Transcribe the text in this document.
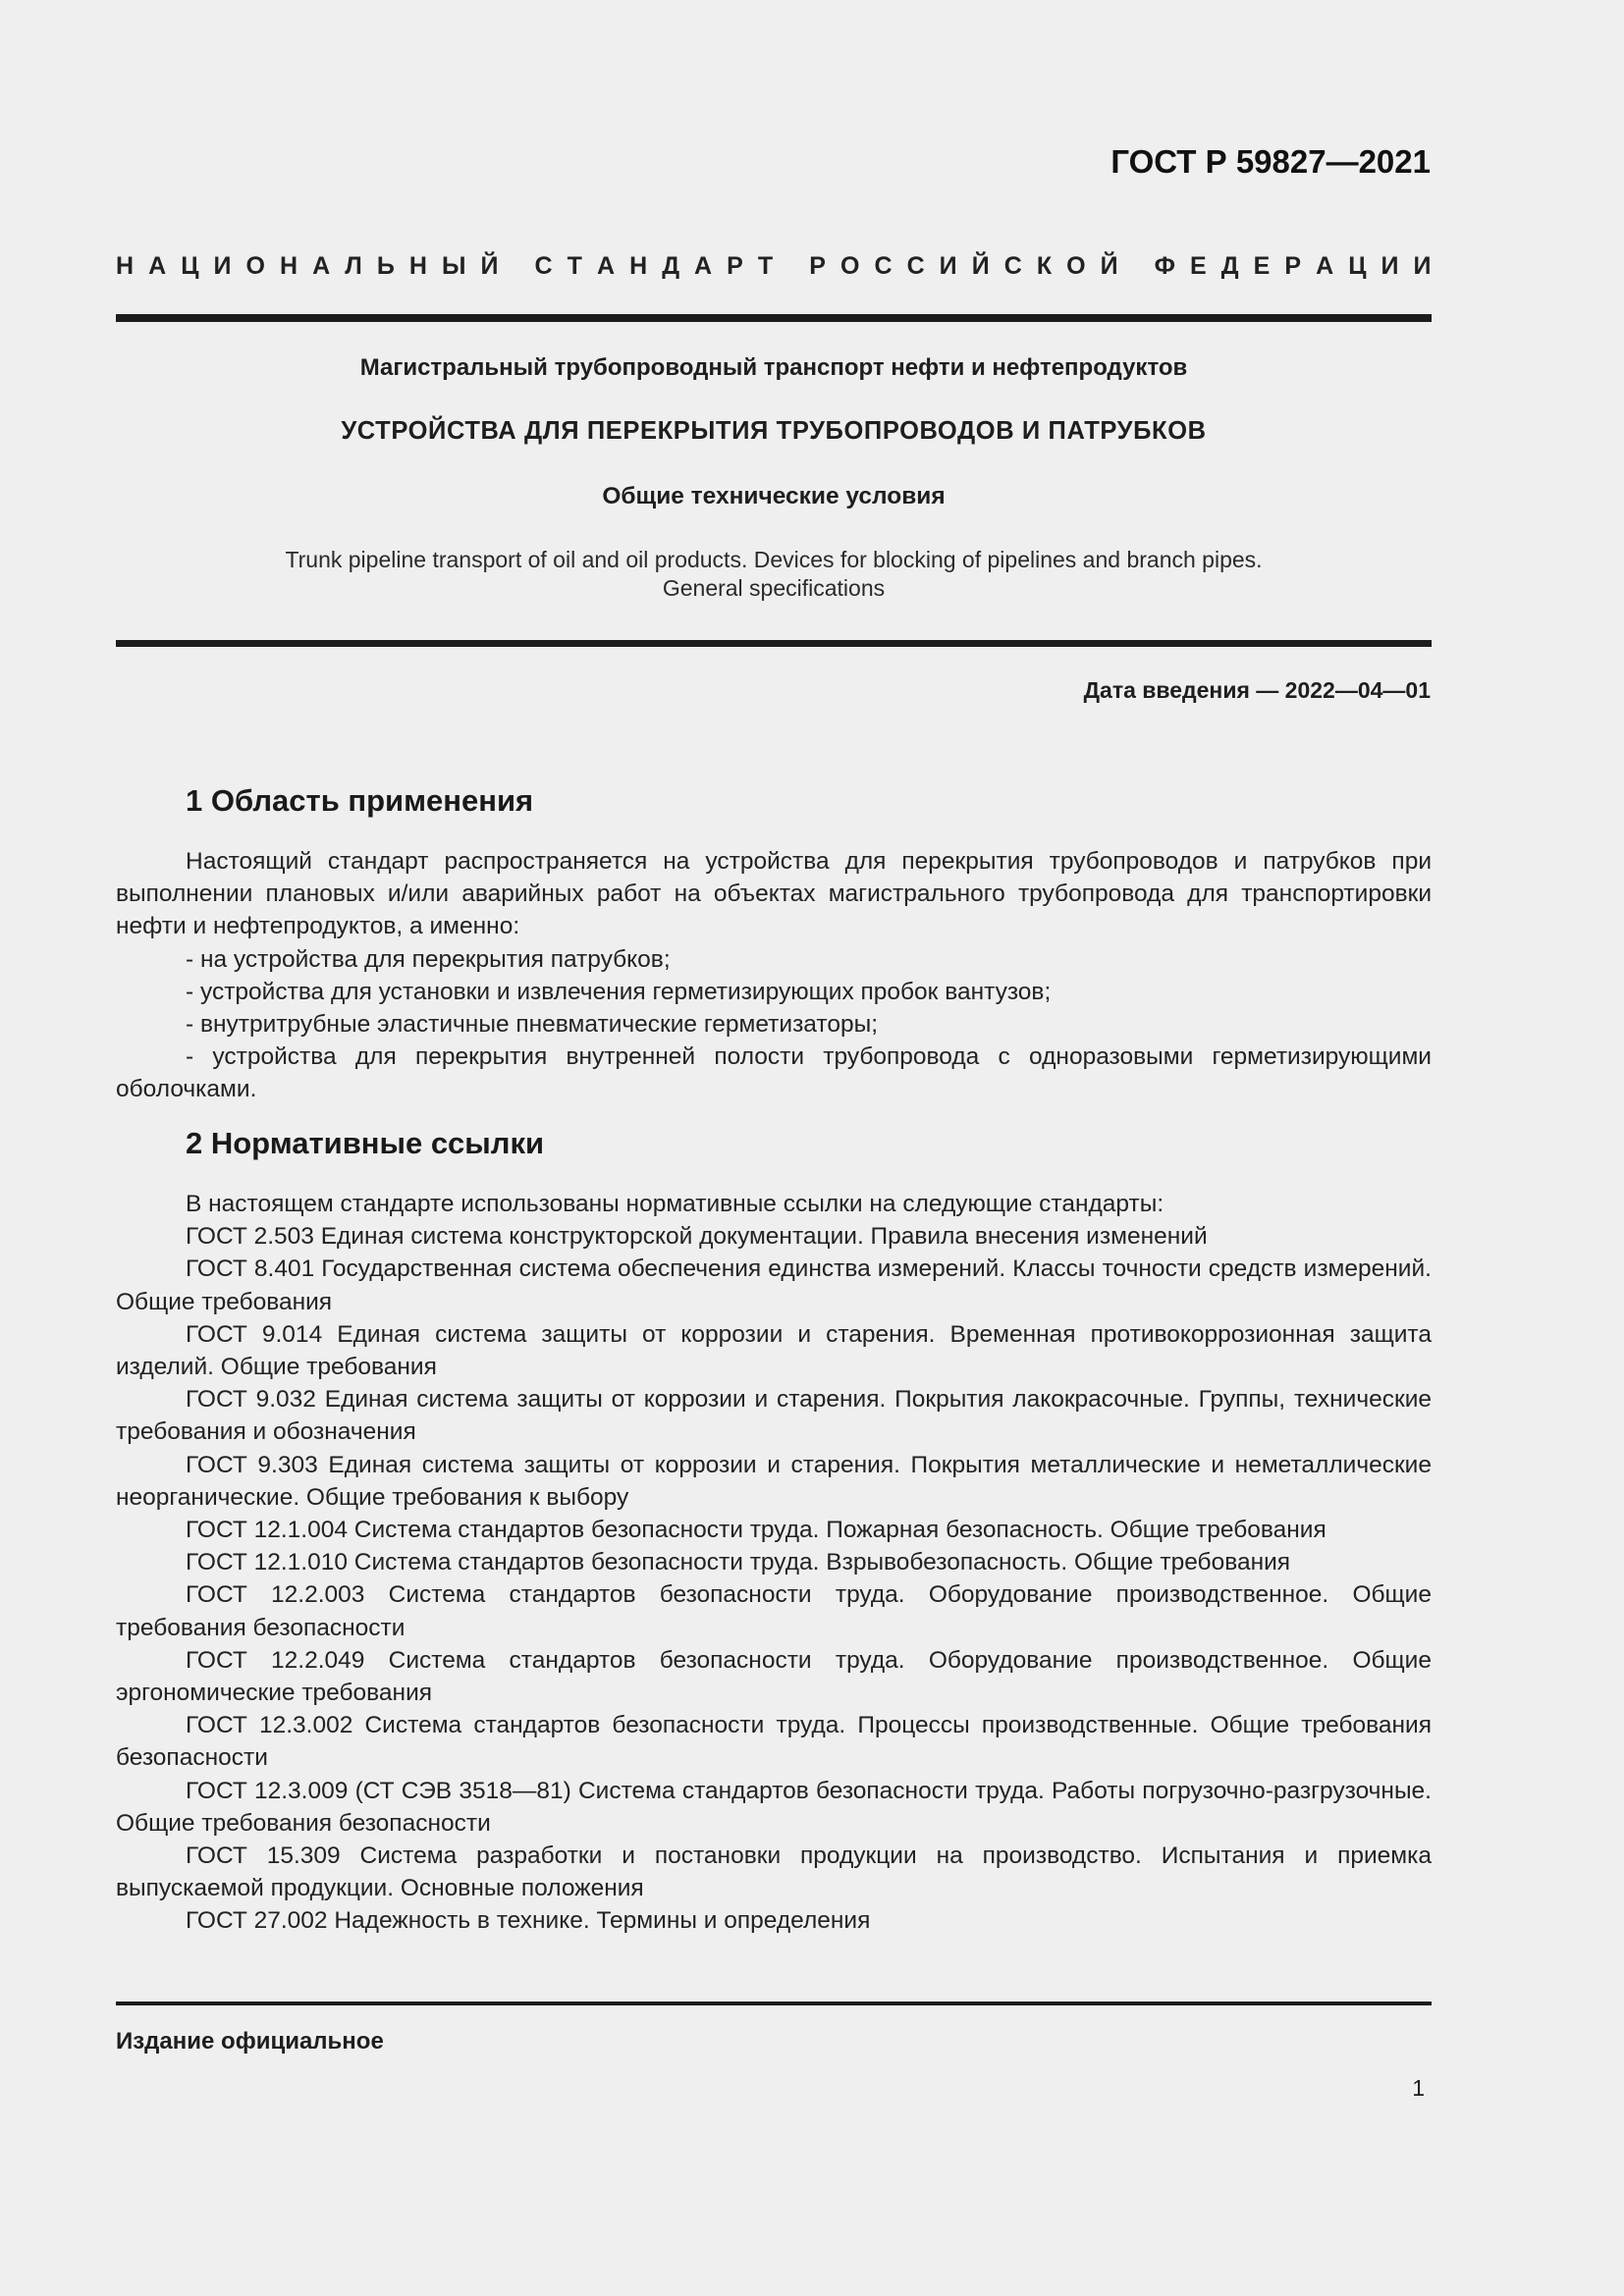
ГОСТ Р 59827—2021
Н А Ц И О Н А Л Ь Н Ы Й
С Т А Н Д А Р Т
Р О С С И Й С К О Й
Ф Е Д Е Р А Ц И И
Магистральный трубопроводный транспорт нефти и нефтепродуктов
УСТРОЙСТВА ДЛЯ ПЕРЕКРЫТИЯ ТРУБОПРОВОДОВ И ПАТРУБКОВ
Общие технические условия
Trunk pipeline transport of oil and oil products. Devices for blocking of pipelines and branch pipes.
General specifications
Дата введения — 2022—04—01
1 Область применения
Настоящий стандарт распространяется на устройства для перекрытия трубопроводов и патрубков при выполнении плановых и/или аварийных работ на объектах магистрального трубопровода для транспортировки нефти и нефтепродуктов, а именно:
- на устройства для перекрытия патрубков;
- устройства для установки и извлечения герметизирующих пробок вантузов;
- внутритрубные эластичные пневматические герметизаторы;
- устройства для перекрытия внутренней полости трубопровода с одноразовыми герметизирующими оболочками.
2 Нормативные ссылки
В настоящем стандарте использованы нормативные ссылки на следующие стандарты:
ГОСТ 2.503 Единая система конструкторской документации. Правила внесения изменений
ГОСТ 8.401 Государственная система обеспечения единства измерений. Классы точности средств измерений. Общие требования
ГОСТ 9.014 Единая система защиты от коррозии и старения. Временная противокоррозионная защита изделий. Общие требования
ГОСТ 9.032 Единая система защиты от коррозии и старения. Покрытия лакокрасочные. Группы, технические требования и обозначения
ГОСТ 9.303 Единая система защиты от коррозии и старения. Покрытия металлические и неметаллические неорганические. Общие требования к выбору
ГОСТ 12.1.004 Система стандартов безопасности труда. Пожарная безопасность. Общие требования
ГОСТ 12.1.010 Система стандартов безопасности труда. Взрывобезопасность. Общие требования
ГОСТ 12.2.003 Система стандартов безопасности труда. Оборудование производственное. Общие требования безопасности
ГОСТ 12.2.049 Система стандартов безопасности труда. Оборудование производственное. Общие эргономические требования
ГОСТ 12.3.002 Система стандартов безопасности труда. Процессы производственные. Общие требования безопасности
ГОСТ 12.3.009 (СТ СЭВ 3518—81) Система стандартов безопасности труда. Работы погрузочно-разгрузочные. Общие требования безопасности
ГОСТ 15.309 Система разработки и постановки продукции на производство. Испытания и приемка выпускаемой продукции. Основные положения
ГОСТ 27.002 Надежность в технике. Термины и определения
Издание официальное
1
